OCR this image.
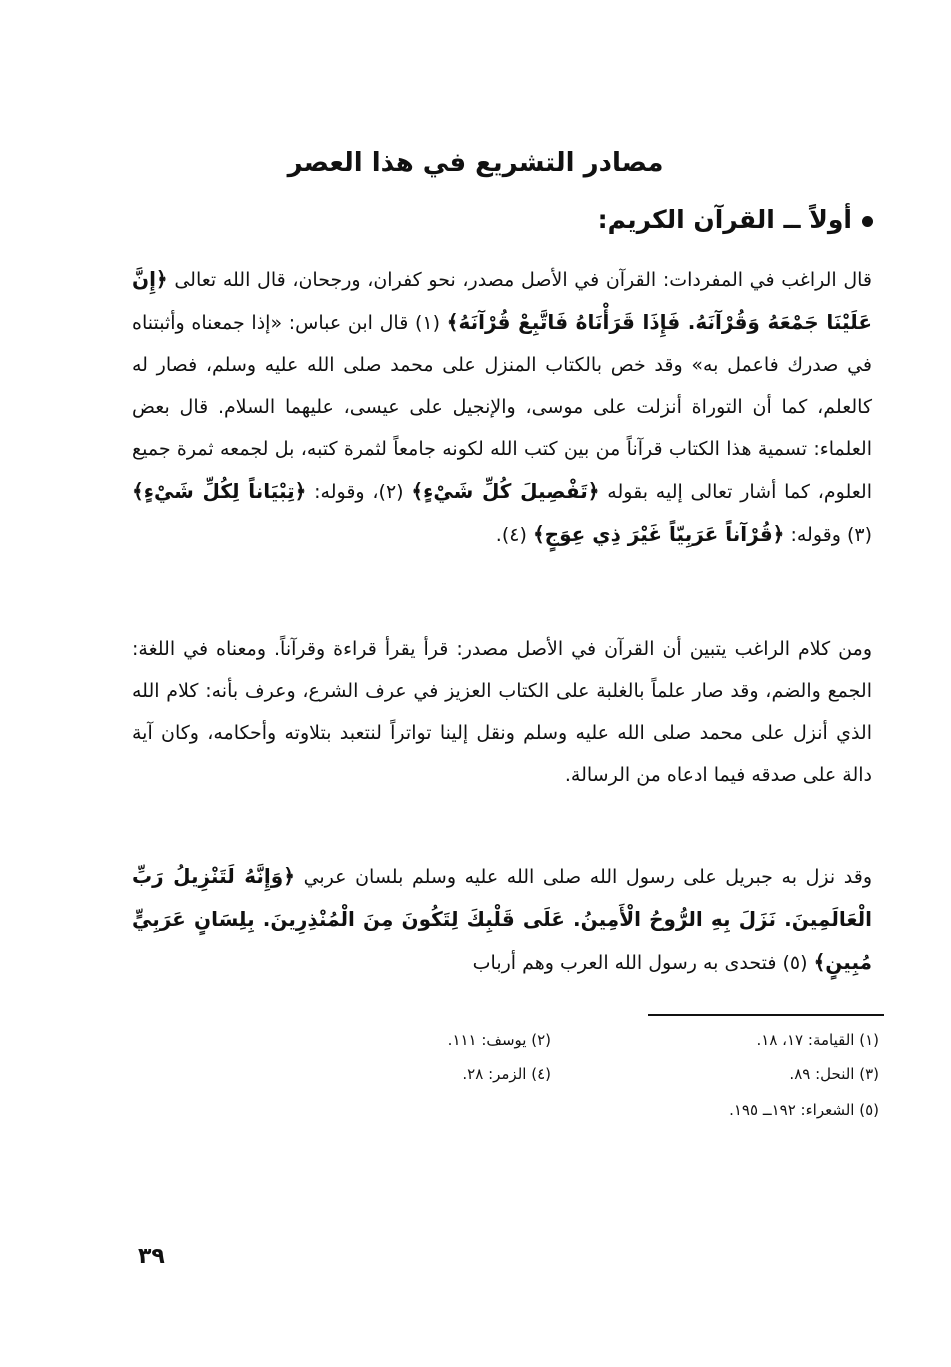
مصادر التشريع في هذا العصر
أولاً ــ القرآن الكريم:
قال الراغب في المفردات: القرآن في الأصل مصدر، نحو كفران، ورجحان، قال الله تعالى ﴿إِنَّ عَلَيْنَا جَمْعَهُ وَقُرْآنَهُ. فَإِذَا قَرَأْنَاهُ فَاتَّبِعْ قُرْآنَهُ﴾ (١) قال ابن عباس: «إذا جمعناه وأثبتناه في صدرك فاعمل به» وقد خص بالكتاب المنزل على محمد صلى الله عليه وسلم، فصار له كالعلم، كما أن التوراة أنزلت على موسى، والإنجيل على عيسى، عليهما السلام. قال بعض العلماء: تسمية هذا الكتاب قرآناً من بين كتب الله لكونه جامعاً لثمرة كتبه، بل لجمعه ثمرة جميع العلوم، كما أشار تعالى إليه بقوله ﴿تَفْصِيلَ كُلِّ شَيْءٍ﴾ (٢)، وقوله: ﴿تِبْيَاناً لِكُلِّ شَيْءٍ﴾ (٣) وقوله: ﴿قُرْآناً عَرَبِيّاً غَيْرَ ذِي عِوَجٍ﴾ (٤).
ومن كلام الراغب يتبين أن القرآن في الأصل مصدر: قرأ يقرأ قراءة وقرآناً. ومعناه في اللغة: الجمع والضم، وقد صار علماً بالغلبة على الكتاب العزيز في عرف الشرع، وعرف بأنه: كلام الله الذي أنزل على محمد صلى الله عليه وسلم ونقل إلينا تواتراً لنتعبد بتلاوته وأحكامه، وكان آية دالة على صدقه فيما ادعاه من الرسالة.
وقد نزل به جبريل على رسول الله صلى الله عليه وسلم بلسان عربي ﴿وَإِنَّهُ لَتَنْزِيلُ رَبِّ الْعَالَمِينَ. نَزَلَ بِهِ الرُّوحُ الْأَمِينُ. عَلَى قَلْبِكَ لِتَكُونَ مِنَ الْمُنْذِرِينَ. بِلِسَانٍ عَرَبِيٍّ مُبِينٍ﴾ (٥) فتحدى به رسول الله العرب وهم أرباب
(١) القيامة: ١٧، ١٨.
(٢) يوسف: ١١١.
(٣) النحل: ٨٩.
(٤) الزمر: ٢٨.
(٥) الشعراء: ١٩٢ــ ١٩٥.
٣٩
